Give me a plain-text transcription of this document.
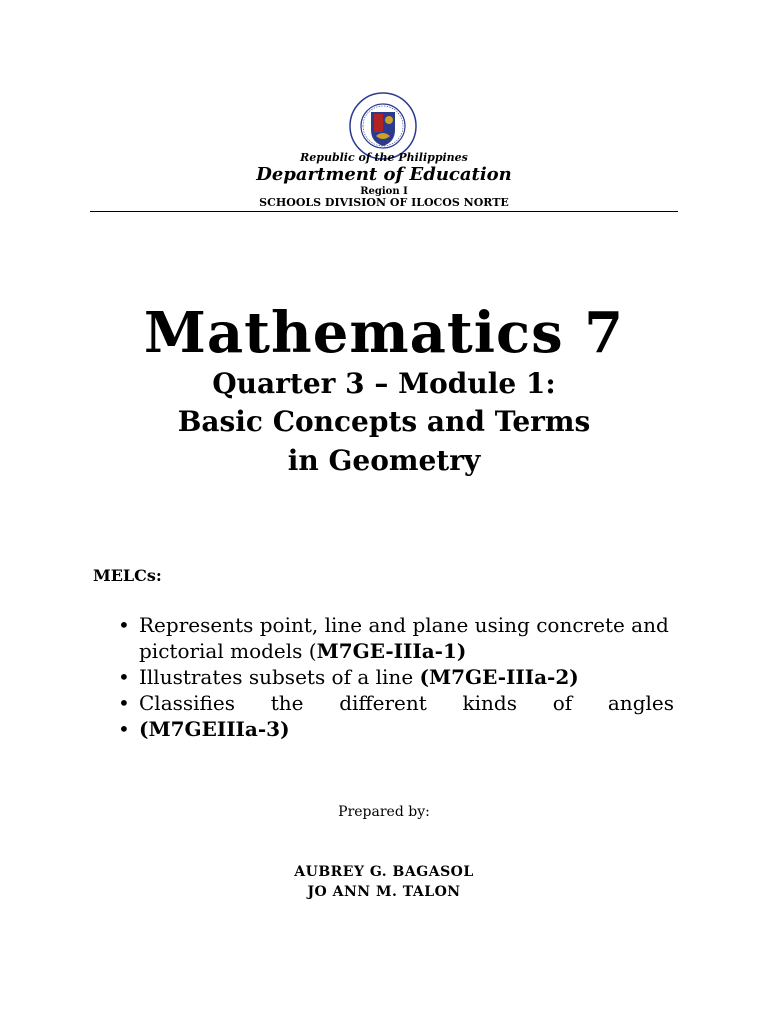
Republic of the Philippines
Department of Education
Region I
SCHOOLS DIVISION OF ILOCOS NORTE
Mathematics 7
Quarter 3 – Module 1:
Basic Concepts and Terms
in Geometry
MELCs:
• Represents point, line and plane using concrete and pictorial models (M7GE-IIIa-1)
• Illustrates subsets of a line (M7GE-IIIa-2)
• Classifies the different kinds of angles
• (M7GEIIIa-3)
Prepared by:
AUBREY G. BAGASOL
JO ANN M. TALON
